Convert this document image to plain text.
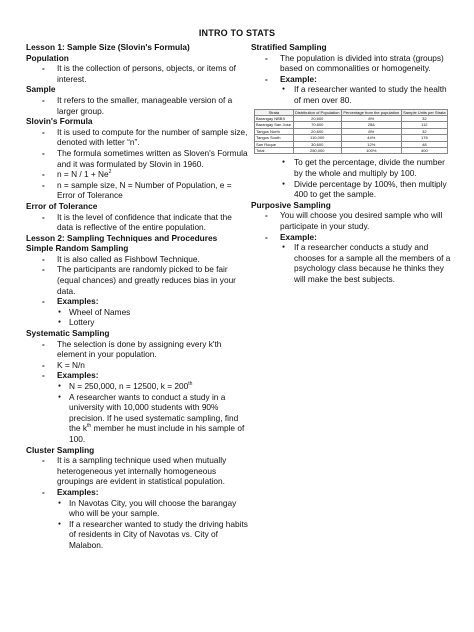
INTRO TO STATS
Lesson 1: Sample Size (Slovin's Formula)
Population
- It is the collection of persons, objects, or items of interest.
Sample
- It refers to the smaller, manageable version of a larger group.
Slovin's Formula
- It is used to compute for the number of sample size, denoted with letter “n”.
- The formula sometimes written as Sloven's Formula and it was formulated by Slovin in 1960.
- $n = N / 1 + Ne^2$
- n = sample size, N = Number of Population, e = Error of Tolerance
Error of Tolerance
- It is the level of confidence that indicate that the data is reflective of the entire population.
Lesson 2: Sampling Techniques and Procedures
Simple Random Sampling
- It is also called as Fishbowl Technique.
- The participants are randomly picked to be fair (equal chances) and greatly reduces bias in your data.
- Examples:
● Wheel of Names
● Lottery
Systematic Sampling
- The selection is done by assigning every k'th element in your population.
- K = N/n
- Examples:
● N = 250,000, n = 12500, k = 200th
● A researcher wants to conduct a study in a university with 10,000 students with 90% precision. If he used systematic sampling, find the $k^{th}$ member he must include in his sample of 100.
Cluster Sampling
- It is a sampling technique used when mutually heterogeneous yet internally homogeneous groupings are evident in statistical population.
- Examples:
● In Navotas City, you will choose the barangay who will be your sample.
● If a researcher wanted to study the driving habits of residents in City of Navotas vs. City of Malabon.
Stratified Sampling
- The population is divided into strata (groups) based on commonalities or homogeneity.
- Example:
● If a researcher wanted to study the health of men over 80.
Strata	Distribution of Population	Percentage from the population	Sample Units per Strata
Barangay NBBS	20,600	8%	32
Barangay San Jose	70,600	28&	112
Tangos North	20,600	8%	32
Tangos South	110,000	44%	176
San Roque	30,600	12%	48
Total	250,000	100%	400
● To get the percentage, divide the number by the whole and multiply by 100.
● Divide percentage by 100%, then multiply 400 to get the sample.
Purposive Sampling
- You will choose you desired sample who will participate in your study.
- Example:
● If a researcher conducts a study and chooses for a sample all the members of a psychology class because he thinks they will make the best subjects.
